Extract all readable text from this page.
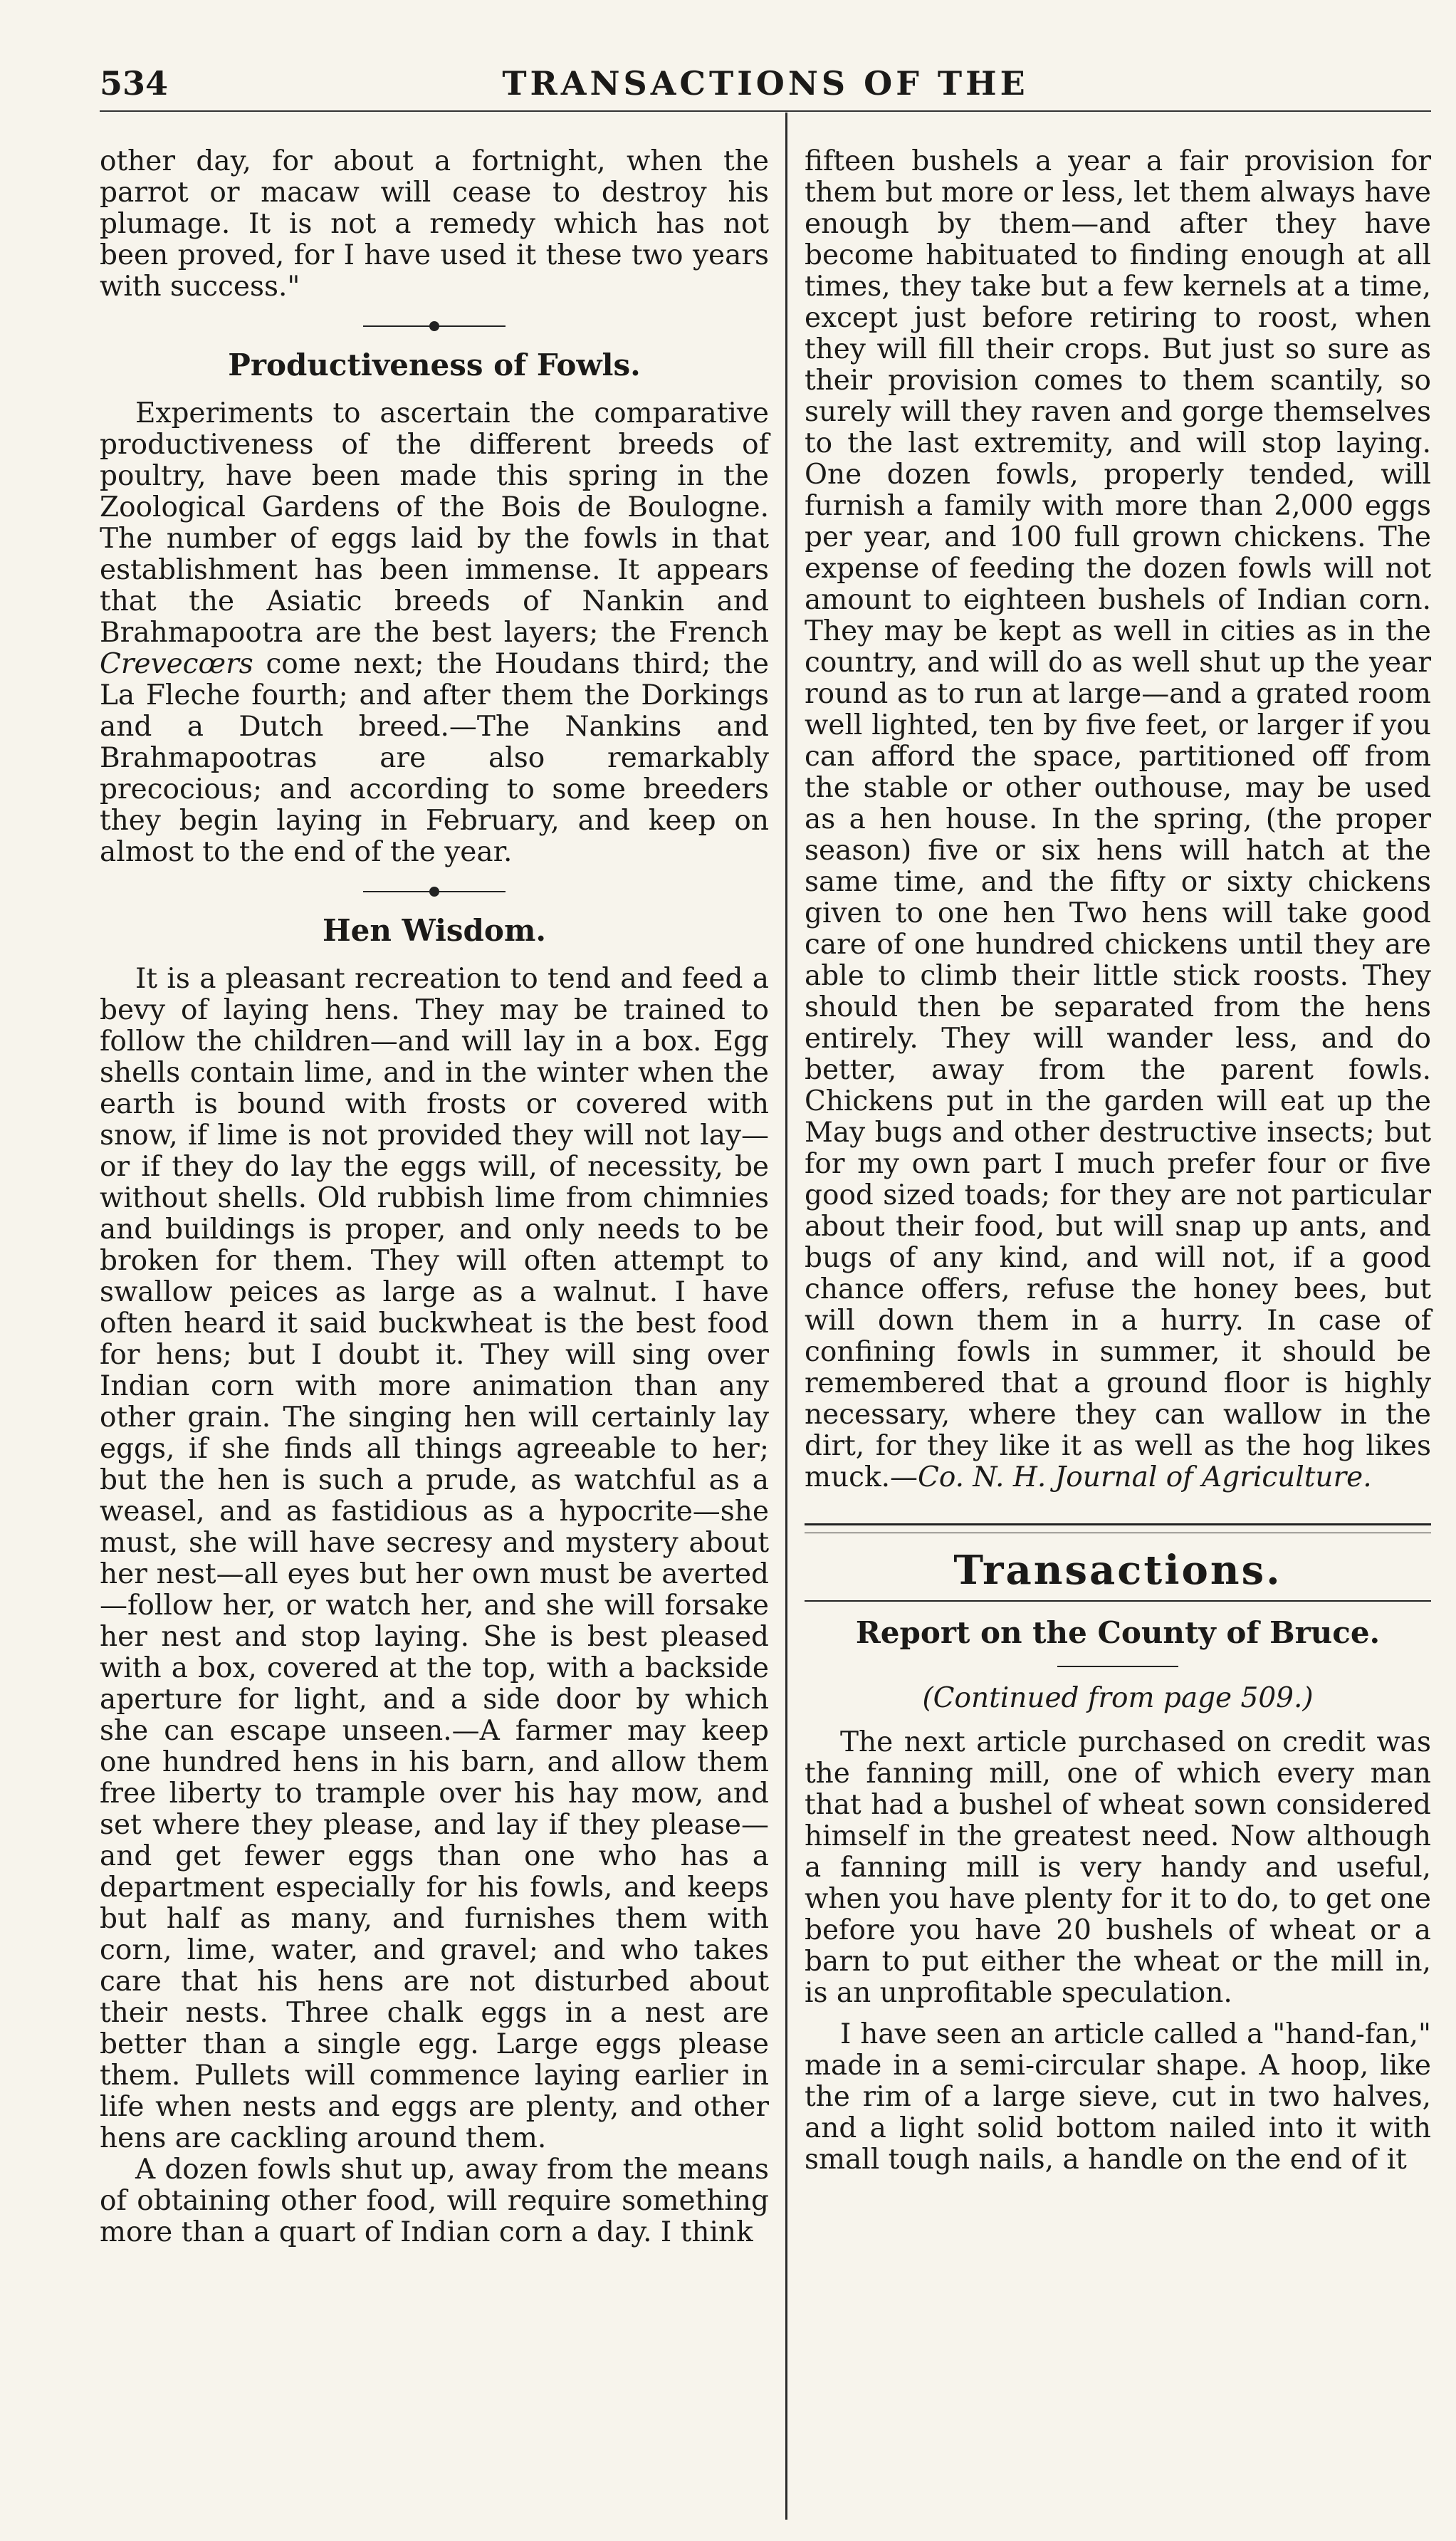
534	TRANSACTIONS OF THE

other day, for about a fortnight, when the parrot or macaw will cease to destroy his plumage. It is not a remedy which has not been proved, for I have used it these two years with success."

Productiveness of Fowls.

Experiments to ascertain the comparative productiveness of the different breeds of poultry, have been made this spring in the Zoological Gardens of the Bois de Boulogne. The number of eggs laid by the fowls in that establishment has been immense. It appears that the Asiatic breeds of Nankin and Brahmapootra are the best layers; the French Crevecœrs come next; the Houdans third; the La Fleche fourth; and after them the Dorkings and a Dutch breed.—The Nankins and Brahmapootras are also remarkably precocious; and according to some breeders they begin laying in February, and keep on almost to the end of the year.

Hen Wisdom.

It is a pleasant recreation to tend and feed a bevy of laying hens. They may be trained to follow the children—and will lay in a box. Egg shells contain lime, and in the winter when the earth is bound with frosts or covered with snow, if lime is not provided they will not lay—or if they do lay the eggs will, of necessity, be without shells. Old rubbish lime from chimnies and buildings is proper, and only needs to be broken for them. They will often attempt to swallow peices as large as a walnut. I have often heard it said buckwheat is the best food for hens; but I doubt it. They will sing over Indian corn with more animation than any other grain. The singing hen will certainly lay eggs, if she finds all things agreeable to her; but the hen is such a prude, as watchful as a weasel, and as fastidious as a hypocrite—she must, she will have secresy and mystery about her nest—all eyes but her own must be averted—follow her, or watch her, and she will forsake her nest and stop laying. She is best pleased with a box, covered at the top, with a backside aperture for light, and a side door by which she can escape unseen.—A farmer may keep one hundred hens in his barn, and allow them free liberty to trample over his hay mow, and set where they please, and lay if they please—and get fewer eggs than one who has a department especially for his fowls, and keeps but half as many, and furnishes them with corn, lime, water, and gravel; and who takes care that his hens are not disturbed about their nests. Three chalk eggs in a nest are better than a single egg. Large eggs please them. Pullets will commence laying earlier in life when nests and eggs are plenty, and other hens are cackling around them.

A dozen fowls shut up, away from the means of obtaining other food, will require something more than a quart of Indian corn a day. I think

fifteen bushels a year a fair provision for them but more or less, let them always have enough by them—and after they have become habituated to finding enough at all times, they take but a few kernels at a time, except just before retiring to roost, when they will fill their crops. But just so sure as their provision comes to them scantily, so surely will they raven and gorge themselves to the last extremity, and will stop laying. One dozen fowls, properly tended, will furnish a family with more than 2,000 eggs per year, and 100 full grown chickens. The expense of feeding the dozen fowls will not amount to eighteen bushels of Indian corn. They may be kept as well in cities as in the country, and will do as well shut up the year round as to run at large—and a grated room well lighted, ten by five feet, or larger if you can afford the space, partitioned off from the stable or other outhouse, may be used as a hen house. In the spring, (the proper season) five or six hens will hatch at the same time, and the fifty or sixty chickens given to one hen Two hens will take good care of one hundred chickens until they are able to climb their little stick roosts. They should then be separated from the hens entirely. They will wander less, and do better, away from the parent fowls. Chickens put in the garden will eat up the May bugs and other destructive insects; but for my own part I much prefer four or five good sized toads; for they are not particular about their food, but will snap up ants, and bugs of any kind, and will not, if a good chance offers, refuse the honey bees, but will down them in a hurry. In case of confining fowls in summer, it should be remembered that a ground floor is highly necessary, where they can wallow in the dirt, for they like it as well as the hog likes muck.—Co. N. H. Journal of Agriculture.

Transactions.
Report on the County of Bruce.
(Continued from page 509.)

The next article purchased on credit was the fanning mill, one of which every man that had a bushel of wheat sown considered himself in the greatest need. Now although a fanning mill is very handy and useful, when you have plenty for it to do, to get one before you have 20 bushels of wheat or a barn to put either the wheat or the mill in, is an unprofitable speculation.

I have seen an article called a "hand-fan," made in a semi-circular shape. A hoop, like the rim of a large sieve, cut in two halves, and a light solid bottom nailed into it with small tough nails, a handle on the end of it
